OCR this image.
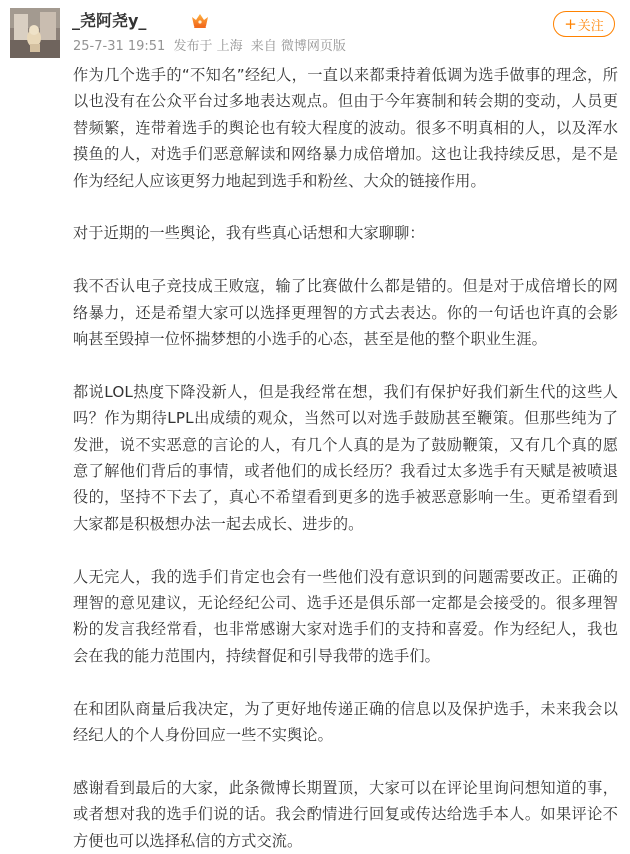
_尧阿尧y_
25-7-31 19:51 发布于 上海 来自 微博网页版
+ 关注

作为几个选手的“不知名”经纪人，一直以来都秉持着低调为选手做事的理念，所以也没有在公众平台过多地表达观点。但由于今年赛制和转会期的变动，人员更替频繁，连带着选手的舆论也有较大程度的波动。很多不明真相的人，以及浑水摸鱼的人，对选手们恶意解读和网络暴力成倍增加。这也让我持续反思，是不是作为经纪人应该更努力地起到选手和粉丝、大众的链接作用。

对于近期的一些舆论，我有些真心话想和大家聊聊：

我不否认电子竞技成王败寇，输了比赛做什么都是错的。但是对于成倍增长的网络暴力，还是希望大家可以选择更理智的方式去表达。你的一句话也许真的会影响甚至毁掉一位怀揣梦想的小选手的心态，甚至是他的整个职业生涯。

都说LOL热度下降没新人，但是我经常在想，我们有保护好我们新生代的这些人吗？作为期待LPL出成绩的观众，当然可以对选手鼓励甚至鞭策。但那些纯为了发泄，说不实恶意的言论的人，有几个人真的是为了鼓励鞭策，又有几个真的愿意了解他们背后的事情，或者他们的成长经历？我看过太多选手有天赋是被喷退役的，坚持不下去了，真心不希望看到更多的选手被恶意影响一生。更希望看到大家都是积极想办法一起去成长、进步的。

人无完人，我的选手们肯定也会有一些他们没有意识到的问题需要改正。正确的理智的意见建议，无论经纪公司、选手还是俱乐部一定都是会接受的。很多理智粉的发言我经常看，也非常感谢大家对选手们的支持和喜爱。作为经纪人，我也会在我的能力范围内，持续督促和引导我带的选手们。

在和团队商量后我决定，为了更好地传递正确的信息以及保护选手，未来我会以经纪人的个人身份回应一些不实舆论。

感谢看到最后的大家，此条微博长期置顶，大家可以在评论里询问想知道的事，或者想对我的选手们说的话。我会酌情进行回复或传达给选手本人。如果评论不方便也可以选择私信的方式交流。
